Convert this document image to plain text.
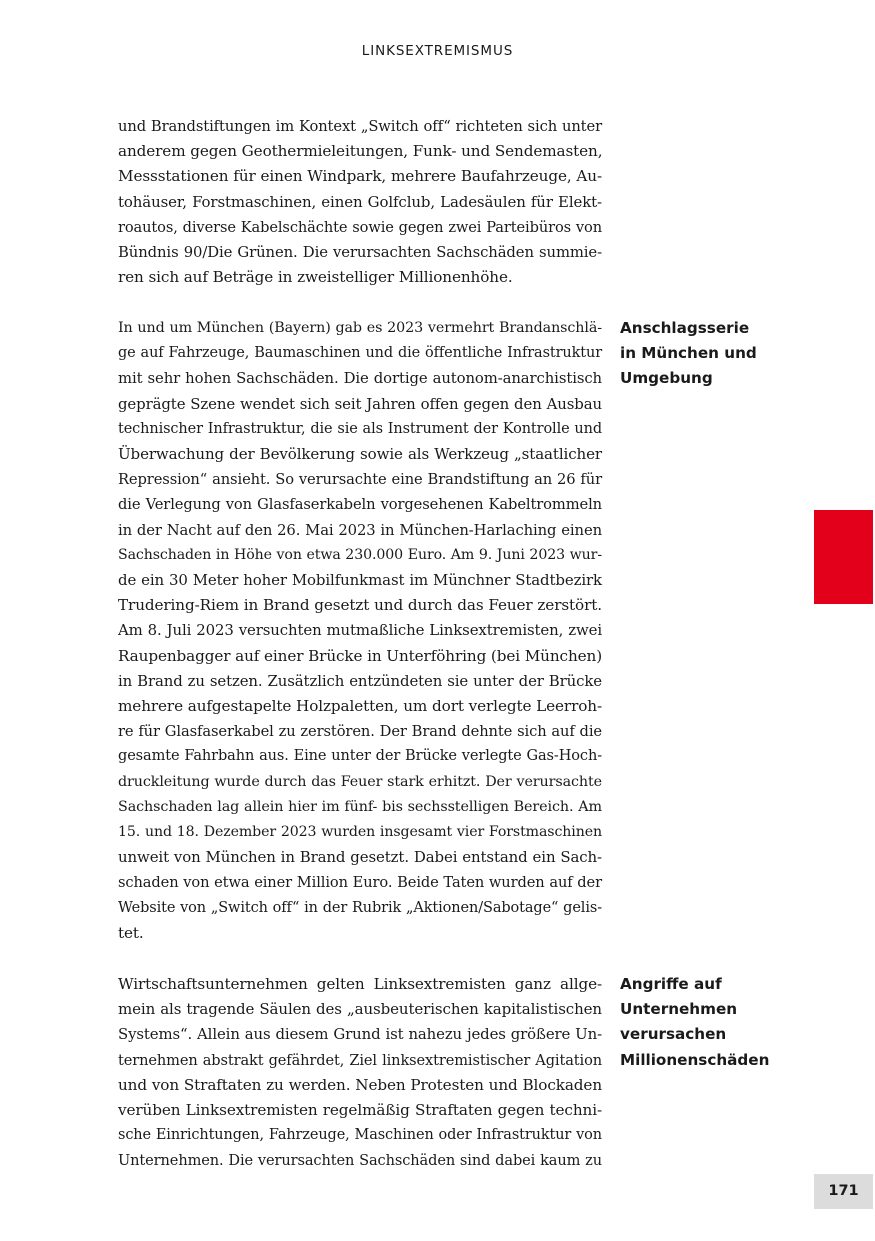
LINKSEXTREMISMUS

und Brandstiftungen im Kontext „Switch off“ richteten sich unter
anderem gegen Geothermieleitungen, Funk- und Sendemasten,
Messstationen für einen Windpark, mehrere Baufahrzeuge, Au-
tohäuser, Forstmaschinen, einen Golfclub, Ladesäulen für Elekt-
roautos, diverse Kabelschächte sowie gegen zwei Parteibüros von
Bündnis 90/Die Grünen. Die verursachten Sachschäden summie-
ren sich auf Beträge in zweistelliger Millionenhöhe.

In und um München (Bayern) gab es 2023 vermehrt Brandanschlä-
ge auf Fahrzeuge, Baumaschinen und die öffentliche Infrastruktur
mit sehr hohen Sachschäden. Die dortige autonom-anarchistisch
geprägte Szene wendet sich seit Jahren offen gegen den Ausbau
technischer Infrastruktur, die sie als Instrument der Kontrolle und
Überwachung der Bevölkerung sowie als Werkzeug „staatlicher
Repression“ ansieht. So verursachte eine Brandstiftung an 26 für
die Verlegung von Glasfaserkabeln vorgesehenen Kabeltrommeln
in der Nacht auf den 26. Mai 2023 in München-Harlaching einen
Sachschaden in Höhe von etwa 230.000 Euro. Am 9. Juni 2023 wur-
de ein 30 Meter hoher Mobilfunkmast im Münchner Stadtbezirk
Trudering-Riem in Brand gesetzt und durch das Feuer zerstört.
Am 8. Juli 2023 versuchten mutmaßliche Linksextremisten, zwei
Raupenbagger auf einer Brücke in Unterföhring (bei München)
in Brand zu setzen. Zusätzlich entzündeten sie unter der Brücke
mehrere aufgestapelte Holzpaletten, um dort verlegte Leerroh-
re für Glasfaserkabel zu zerstören. Der Brand dehnte sich auf die
gesamte Fahrbahn aus. Eine unter der Brücke verlegte Gas-Hoch-
druckleitung wurde durch das Feuer stark erhitzt. Der verursachte
Sachschaden lag allein hier im fünf- bis sechsstelligen Bereich. Am
15. und 18. Dezember 2023 wurden insgesamt vier Forstmaschinen
unweit von München in Brand gesetzt. Dabei entstand ein Sach-
schaden von etwa einer Million Euro. Beide Taten wurden auf der
Website von „Switch off“ in der Rubrik „Aktionen/Sabotage“ gelis-
tet.

Wirtschaftsunternehmen gelten Linksextremisten ganz allge-
mein als tragende Säulen des „ausbeuterischen kapitalistischen
Systems“. Allein aus diesem Grund ist nahezu jedes größere Un-
ternehmen abstrakt gefährdet, Ziel linksextremistischer Agitation
und von Straftaten zu werden. Neben Protesten und Blockaden
verüben Linksextremisten regelmäßig Straftaten gegen techni-
sche Einrichtungen, Fahrzeuge, Maschinen oder Infrastruktur von
Unternehmen. Die verursachten Sachschäden sind dabei kaum zu

Anschlagsserie
in München und
Umgebung
Angriffe auf
Unternehmen
verursachen
Millionenschäden
171
